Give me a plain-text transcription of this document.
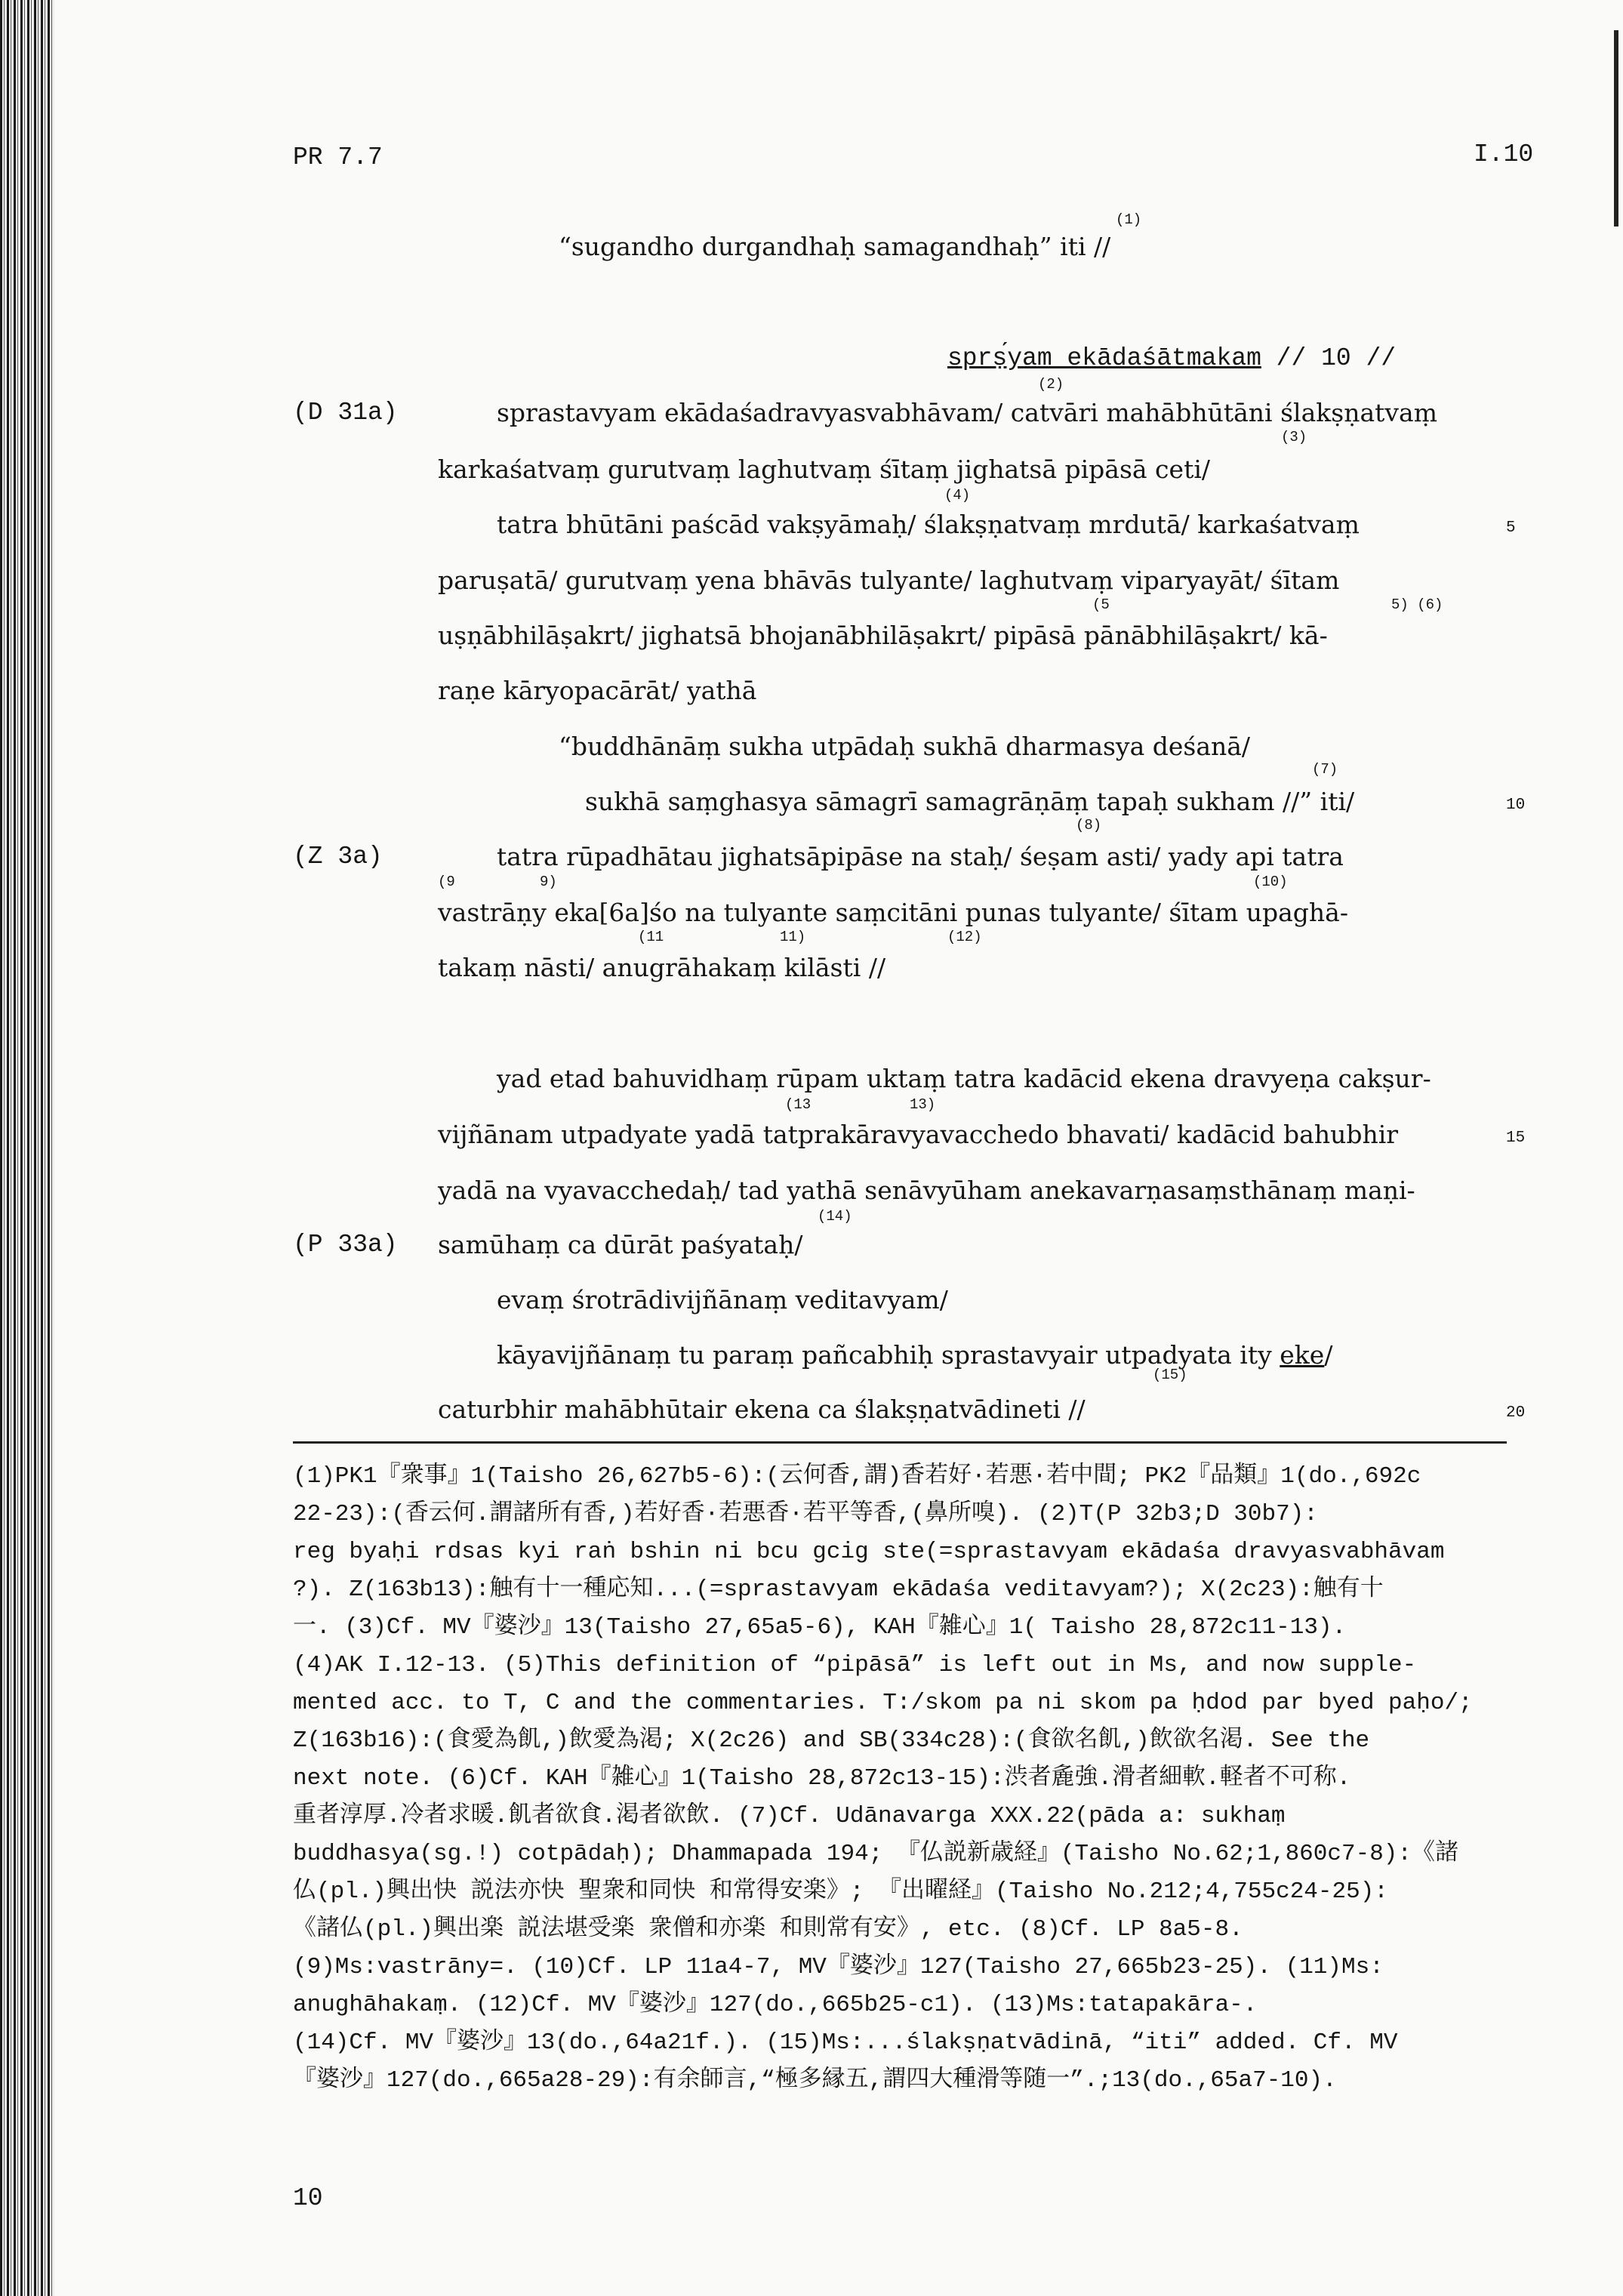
PR 7.7	I.10
(1)
(2)
(3)
(4)
(5	5) (6)
(7)
(8)
(9	9)	(10)
(11	11)	(12)
(13	13)
(14)
(15)
“sugandho durgandhaḥ samagandhaḥ” iti //
sprṣ́yam ekādaśātmakam // 10 //
(D 31a)	sprastavyam ekādaśadravyasvabhāvam/ catvāri mahābhūtāni ślakṣṇatvaṃ
karkaśatvaṃ gurutvaṃ laghutvaṃ śītaṃ jighatsā pipāsā ceti/
tatra bhūtāni paścād vakṣyāmaḥ/ ślakṣṇatvaṃ mrdutā/ karkaśatvaṃ
paruṣatā/ gurutvaṃ yena bhāvās tulyante/ laghutvaṃ viparyayāt/ śītam
uṣṇābhilāṣakrt/ jighatsā bhojanābhilāṣakrt/ pipāsā pānābhilāṣakrt/ kā-
raṇe kāryopacārāt/ yathā
“buddhānāṃ sukha utpādaḥ sukhā dharmasya deśanā/
sukhā saṃghasya sāmagrī samagrāṇāṃ tapaḥ sukham //” iti/
(Z 3a)	tatra rūpadhātau jighatsāpipāse na staḥ/ śeṣam asti/ yady api tatra
vastrāṇy eka[6a]śo na tulyante saṃcitāni punas tulyante/ śītam upaghā-
takaṃ nāsti/ anugrāhakaṃ kilāsti //
yad etad bahuvidhaṃ rūpam uktaṃ tatra kadācid ekena dravyeṇa cakṣur-
vijñānam utpadyate yadā tatprakāravyavacchedo bhavati/ kadācid bahubhir
yadā na vyavacchedaḥ/ tad yathā senāvyūham anekavarṇasaṃsthānaṃ maṇi-
(P 33a) samūhaṃ ca dūrāt paśyataḥ/
evaṃ śrotrādivijñānaṃ veditavyam/
kāyavijñānaṃ tu paraṃ pañcabhiḥ sprastavyair utpadyata ity eke/
caturbhir mahābhūtair ekena ca ślakṣṇatvādineti //
5
10
15
20
(1)PK1『衆事』1(Taisho 26,627b5-6):(云何香,謂)香若好·若悪·若中間; PK2『品類』1(do.,692c
22-23):(香云何.謂諸所有香,)若好香·若悪香·若平等香,(鼻所嗅). (2)T(P 32b3;D 30b7):
reg byaḥi rdsas kyi raṅ bshin ni bcu gcig ste(=sprastavyam ekādaśa dravyasvabhāvam
?). Z(163b13):触有十一種応知...(=sprastavyam ekādaśa veditavyam?); X(2c23):触有十
一. (3)Cf. MV『婆沙』13(Taisho 27,65a5-6), KAH『雑心』1( Taisho 28,872c11-13).
(4)AK I.12-13. (5)This definition of “pipāsā” is left out in Ms, and now supple-
mented acc. to T, C and the commentaries. T:/skom pa ni skom pa ḥdod par byed paḥo/;
Z(163b16):(食愛為飢,)飲愛為渇; X(2c26) and SB(334c28):(食欲名飢,)飲欲名渇. See the
next note. (6)Cf. KAH『雑心』1(Taisho 28,872c13-15):渋者麁強.滑者細軟.軽者不可称.
重者淳厚.冷者求暖.飢者欲食.渇者欲飲. (7)Cf. Udānavarga XXX.22(pāda a: sukhaṃ
buddhasya(sg.!) cotpādaḥ); Dhammapada 194; 『仏説新歳経』(Taisho No.62;1,860c7-8):《諸
仏(pl.)興出快 説法亦快 聖衆和同快 和常得安楽》; 『出曜経』(Taisho No.212;4,755c24-25):
《諸仏(pl.)興出楽 説法堪受楽 衆僧和亦楽 和則常有安》, etc. (8)Cf. LP 8a5-8.
(9)Ms:vastrāny=. (10)Cf. LP 11a4-7, MV『婆沙』127(Taisho 27,665b23-25). (11)Ms:
anughāhakaṃ. (12)Cf. MV『婆沙』127(do.,665b25-c1). (13)Ms:tatapakāra-.
(14)Cf. MV『婆沙』13(do.,64a21f.). (15)Ms:...ślakṣṇatvādinā, “iti” added. Cf. MV
『婆沙』127(do.,665a28-29):有余師言,“極多縁五,謂四大種滑等随一”.;13(do.,65a7-10).
10
